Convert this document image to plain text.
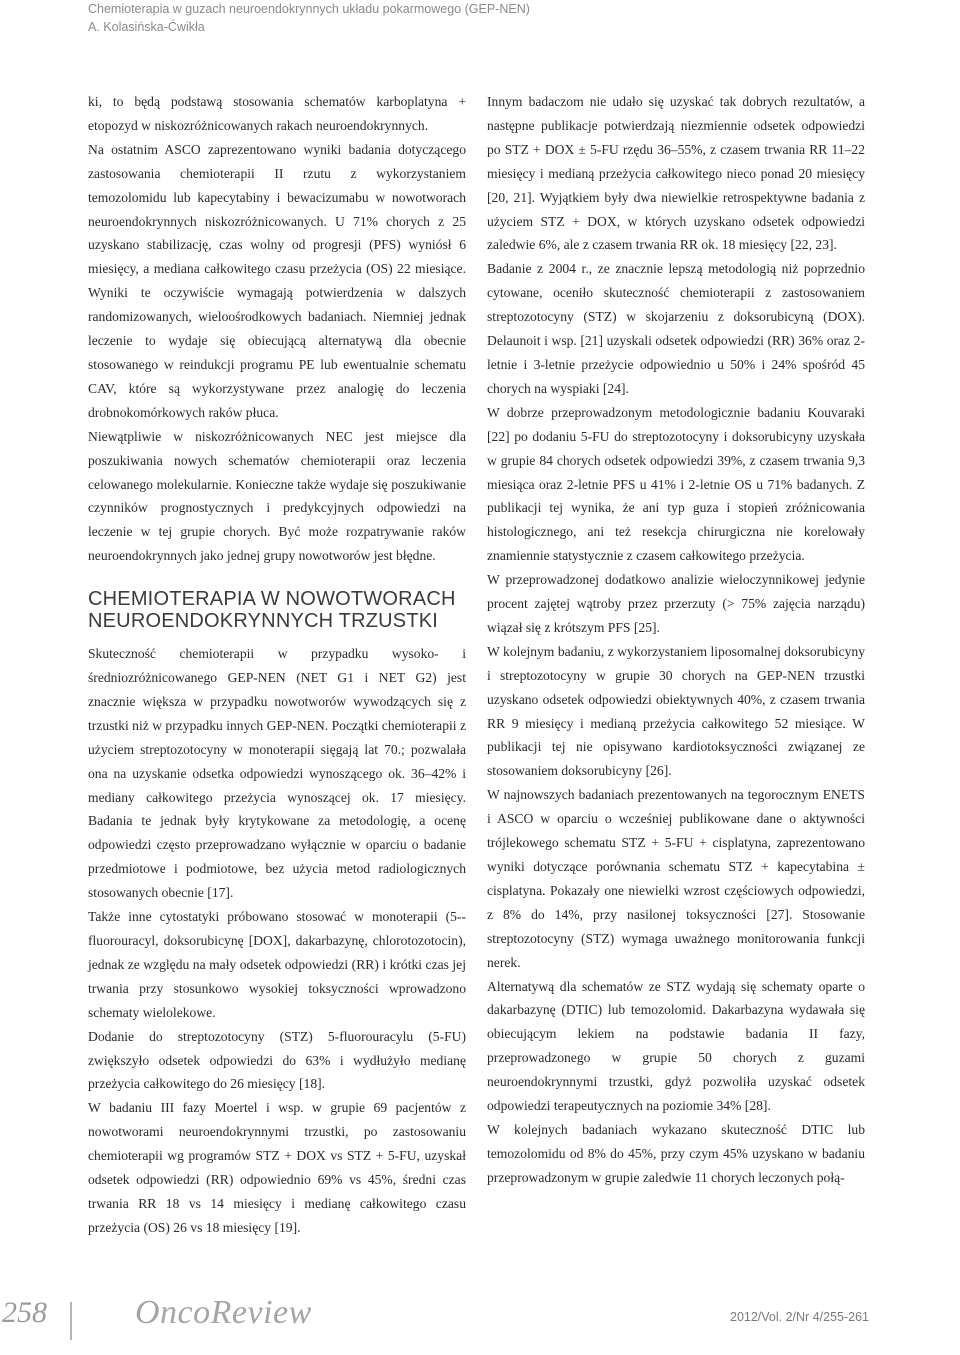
Chemioterapia w guzach neuroendokrynnych układu pokarmowego (GEP-NEN)
A. Kolasińska-Ćwikła

ki, to będą podstawą stosowania schematów karboplatyna + etopozyd w niskozróżnicowanych rakach neuroendokrynnych.

Na ostatnim ASCO zaprezentowano wyniki badania dotyczącego zastosowania chemioterapii II rzutu z wykorzystaniem temozolomidu lub kapecytabiny i bewacizumabu w nowotworach neuroendokrynnych niskozróżnicowanych. U 71% chorych z 25 uzyskano stabilizację, czas wolny od progresji (PFS) wyniósł 6 miesięcy, a mediana całkowitego czasu przeżycia (OS) 22 miesiące. Wyniki te oczywiście wymagają potwierdzenia w dalszych randomizowanych, wieloośrodkowych badaniach. Niemniej jednak leczenie to wydaje się obiecującą alternatywą dla obecnie stosowanego w reindukcji programu PE lub ewentualnie schematu CAV, które są wykorzystywane przez analogię do leczenia drobnokomórkowych raków płuca.

Niewątpliwie w niskozróżnicowanych NEC jest miejsce dla poszukiwania nowych schematów chemioterapii oraz leczenia celowanego molekularnie. Konieczne także wydaje się poszukiwanie czynników prognostycznych i predykcyjnych odpowiedzi na leczenie w tej grupie chorych. Być może rozpatrywanie raków neuroendokrynnych jako jednej grupy nowotworów jest błędne.

CHEMIOTERAPIA W NOWOTWORACH NEUROENDOKRYNNYCH TRZUSTKI

Skuteczność chemioterapii w przypadku wysoko- i średniozróżnicowanego GEP-NEN (NET G1 i NET G2) jest znacznie większa w przypadku nowotworów wywodzących się z trzustki niż w przypadku innych GEP-NEN. Początki chemioterapii z użyciem streptozotocyny w monoterapii sięgają lat 70.; pozwalała ona na uzyskanie odsetka odpowiedzi wynoszącego ok. 36–42% i mediany całkowitego przeżycia wynoszącej ok. 17 miesięcy. Badania te jednak były krytykowane za metodologię, a ocenę odpowiedzi często przeprowadzano wyłącznie w oparciu o badanie przedmiotowe i podmiotowe, bez użycia metod radiologicznych stosowanych obecnie [17].

Także inne cytostatyki próbowano stosować w monoterapii (5--fluorouracyl, doksorubicynę [DOX], dakarbazynę, chlorotozotocin), jednak ze względu na mały odsetek odpowiedzi (RR) i krótki czas jej trwania przy stosunkowo wysokiej toksyczności wprowadzono schematy wielolekowe.

Dodanie do streptozotocyny (STZ) 5-fluorouracylu (5-FU) zwiększyło odsetek odpowiedzi do 63% i wydłużyło medianę przeżycia całkowitego do 26 miesięcy [18].

W badaniu III fazy Moertel i wsp. w grupie 69 pacjentów z nowotworami neuroendokrynnymi trzustki, po zastosowaniu chemioterapii wg programów STZ + DOX vs STZ + 5-FU, uzyskał odsetek odpowiedzi (RR) odpowiednio 69% vs 45%, średni czas trwania RR 18 vs 14 miesięcy i medianę całkowitego czasu przeżycia (OS) 26 vs 18 miesięcy [19].

Innym badaczom nie udało się uzyskać tak dobrych rezultatów, a następne publikacje potwierdzają niezmiennie odsetek odpowiedzi po STZ + DOX ± 5-FU rzędu 36–55%, z czasem trwania RR 11–22 miesięcy i medianą przeżycia całkowitego nieco ponad 20 miesięcy [20, 21]. Wyjątkiem były dwa niewielkie retrospektywne badania z użyciem STZ + DOX, w których uzyskano odsetek odpowiedzi zaledwie 6%, ale z czasem trwania RR ok. 18 miesięcy [22, 23].

Badanie z 2004 r., ze znacznie lepszą metodologią niż poprzednio cytowane, oceniło skuteczność chemioterapii z zastosowaniem streptozotocyny (STZ) w skojarzeniu z doksorubicyną (DOX). Delaunoit i wsp. [21] uzyskali odsetek odpowiedzi (RR) 36% oraz 2-letnie i 3-letnie przeżycie odpowiednio u 50% i 24% spośród 45 chorych na wyspiaki [24].

W dobrze przeprowadzonym metodologicznie badaniu Kouvaraki [22] po dodaniu 5-FU do streptozotocyny i doksorubicyny uzyskała w grupie 84 chorych odsetek odpowiedzi 39%, z czasem trwania 9,3 miesiąca oraz 2-letnie PFS u 41% i 2-letnie OS u 71% badanych. Z publikacji tej wynika, że ani typ guza i stopień zróżnicowania histologicznego, ani też resekcja chirurgiczna nie korelowały znamiennie statystycznie z czasem całkowitego przeżycia.

W przeprowadzonej dodatkowo analizie wieloczynnikowej jedynie procent zajętej wątroby przez przerzuty (> 75% zajęcia narządu) wiązał się z krótszym PFS [25].

W kolejnym badaniu, z wykorzystaniem liposomalnej doksorubicyny i streptozotocyny w grupie 30 chorych na GEP-NEN trzustki uzyskano odsetek odpowiedzi obiektywnych 40%, z czasem trwania RR 9 miesięcy i medianą przeżycia całkowitego 52 miesiące. W publikacji tej nie opisywano kardiotoksyczności związanej ze stosowaniem doksorubicyny [26].

W najnowszych badaniach prezentowanych na tegorocznym ENETS i ASCO w oparciu o wcześniej publikowane dane o aktywności trójlekowego schematu STZ + 5-FU + cisplatyna, zaprezentowano wyniki dotyczące porównania schematu STZ + kapecytabina ± cisplatyna. Pokazały one niewielki wzrost częściowych odpowiedzi, z 8% do 14%, przy nasilonej toksyczności [27]. Stosowanie streptozotocyny (STZ) wymaga uważnego monitorowania funkcji nerek.

Alternatywą dla schematów ze STZ wydają się schematy oparte o dakarbazynę (DTIC) lub temozolomid. Dakarbazyna wydawała się obiecującym lekiem na podstawie badania II fazy, przeprowadzonego w grupie 50 chorych z guzami neuroendokrynnymi trzustki, gdyż pozwoliła uzyskać odsetek odpowiedzi terapeutycznych na poziomie 34% [28].

W kolejnych badaniach wykazano skuteczność DTIC lub temozolomidu od 8% do 45%, przy czym 45% uzyskano w badaniu przeprowadzonym w grupie zaledwie 11 chorych leczonych połą-

258	OncoReview	2012/Vol. 2/Nr 4/255-261
